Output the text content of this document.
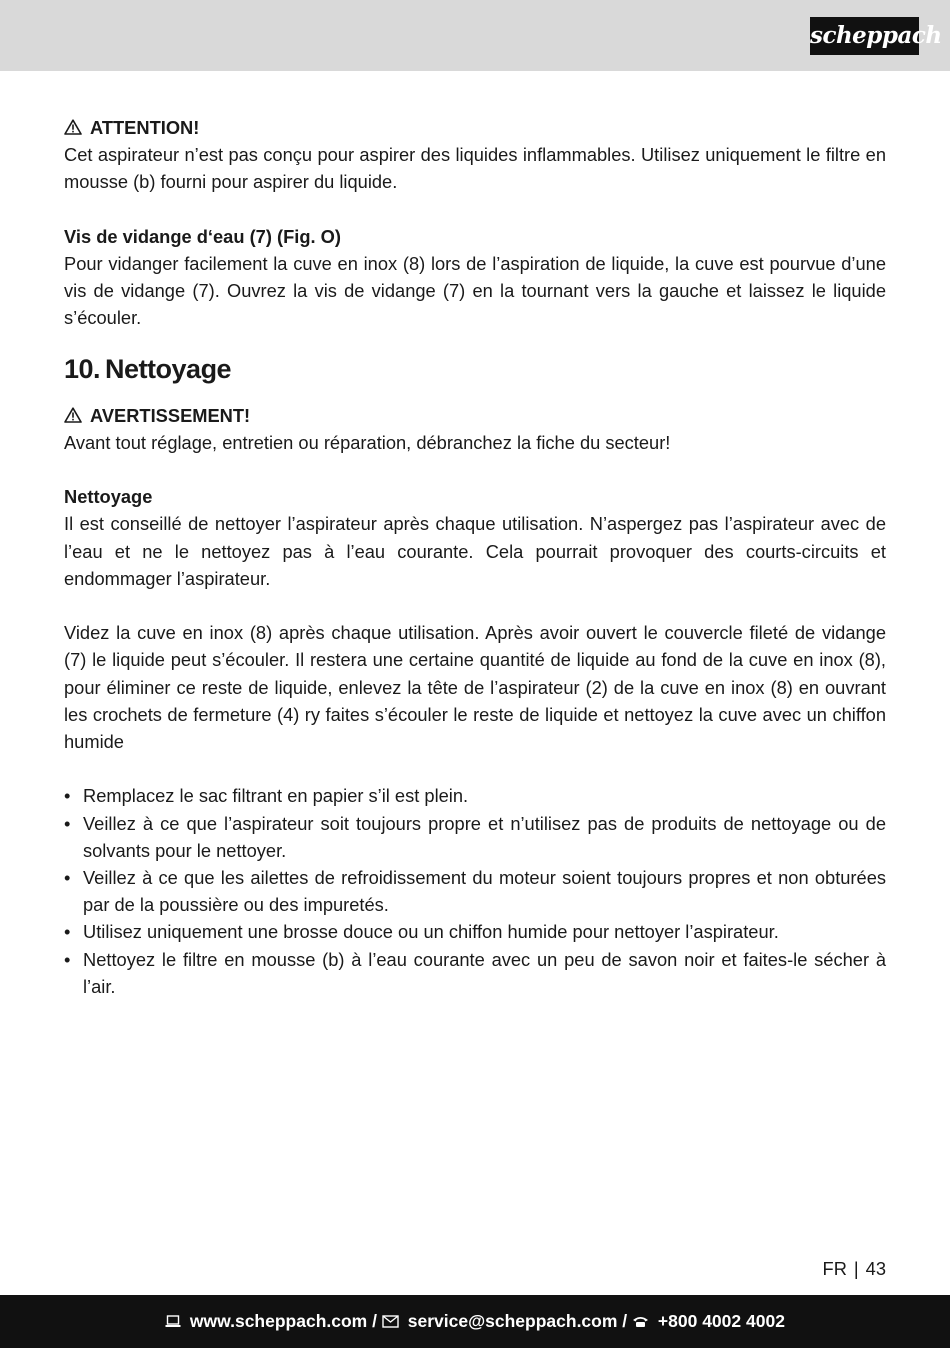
scheppach

ATTENTION!

Cet aspirateur n’est pas conçu pour aspirer des liquides inflammables. Utilisez uniquement le filtre en mousse (b) fourni pour aspirer du liquide.

Vis de vidange d‘eau (7) (Fig. O)

Pour vidanger facilement la cuve en inox (8) lors de l’aspiration de liquide, la cuve est pourvue d’une vis de vidange (7). Ouvrez la vis de vidange (7) en la tournant vers la gauche et laissez le liquide s’écouler.

10. Nettoyage

AVERTISSEMENT!

Avant tout réglage, entretien ou réparation, débranchez la fiche du secteur!

Nettoyage

Il est conseillé de nettoyer l’aspirateur après chaque utilisation. N’aspergez pas l’aspirateur avec de l’eau et ne le nettoyez pas à l’eau courante. Cela pourrait provoquer des courts-circuits et endommager l’aspirateur.

Videz la cuve en inox (8) après chaque utilisation. Après avoir ouvert le couvercle fileté de vidange (7) le liquide peut s’écouler. Il restera une certaine quantité de liquide au fond de la cuve en inox (8), pour éliminer ce reste de liquide, enlevez la tête de l’aspirateur (2) de la cuve en inox (8) en ouvrant les crochets de fermeture (4) ry faites s’écouler le reste de liquide et nettoyez la cuve avec un chiffon humide

• Remplacez le sac filtrant en papier s’il est plein.
• Veillez à ce que l’aspirateur soit toujours propre et n’utilisez pas de produits de nettoyage ou de solvants pour le nettoyer.
• Veillez à ce que les ailettes de refroidissement du moteur soient toujours propres et non obturées par de la poussière ou des impuretés.
• Utilisez uniquement une brosse douce ou un chiffon humide pour nettoyer l’aspirateur.
• Nettoyez le filtre en mousse (b) à l’eau courante avec un peu de savon noir et faites-le sécher à l’air.
FR | 43
www.scheppach.com / service@scheppach.com / +800 4002 4002
